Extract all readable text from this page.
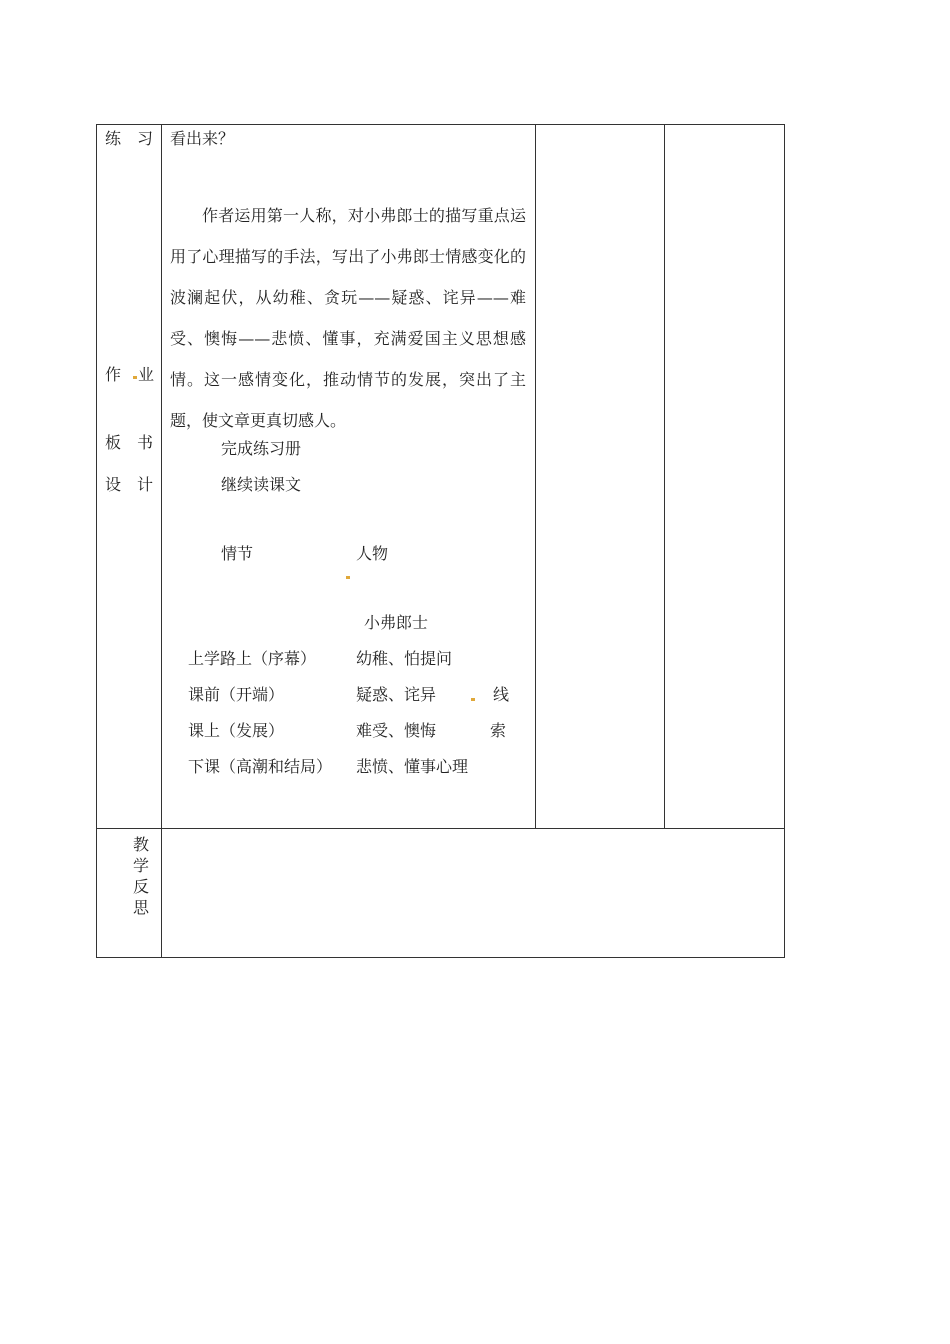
练 习
作 业
板 书
设 计
教学反思
看出来？

作者运用第一人称，对小弗郎士的描写重点运用了心理描写的手法，写出了小弗郎士情感变化的波澜起伏，从幼稚、贪玩——疑惑、诧异——难受、懊悔——悲愤、懂事，充满爱国主义思想感情。这一感情变化，推动情节的发展，突出了主题，使文章更真切感人。

完成练习册
继续读课文
情节	人物
小弗郎士
上学路上（序幕） 幼稚、怕提问
课前（开端）	疑惑、诧异
课上（发展）	难受、懊悔
下课（高潮和结局） 悲愤、懂事心理
线
索
